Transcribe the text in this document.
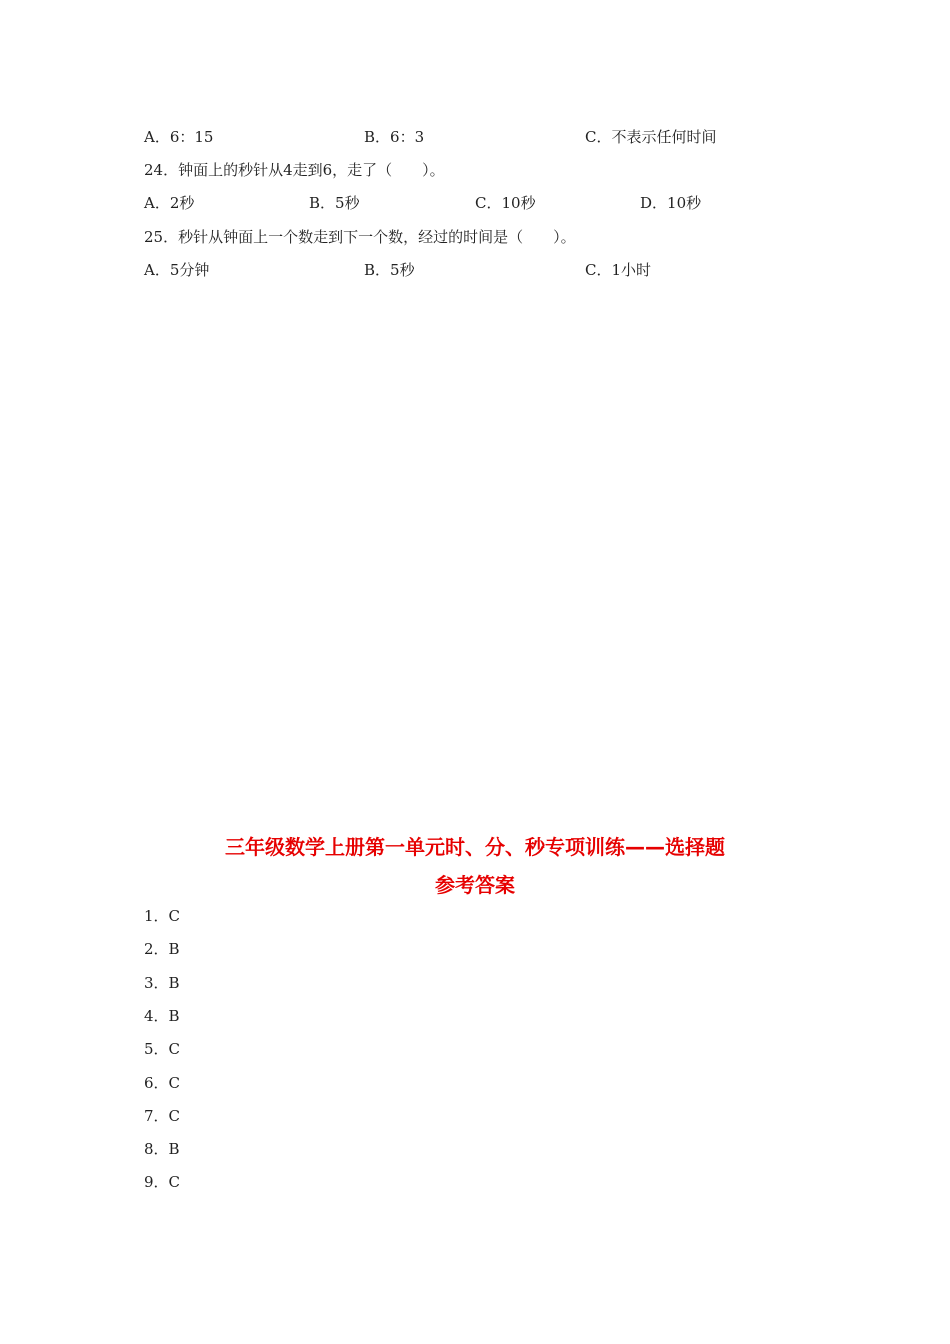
A．6：15	B．6：3	C．不表示任何时间
24．钟面上的秒针从4走到6，走了（　　）。
A．2秒	B．5秒	C．10秒	D．10秒
25．秒针从钟面上一个数走到下一个数，经过的时间是（　　）。
A．5分钟	B．5秒	C．1小时
三年级数学上册第一单元时、分、秒专项训练——选择题
参考答案
1．C
2．B
3．B
4．B
5．C
6．C
7．C
8．B
9．C
